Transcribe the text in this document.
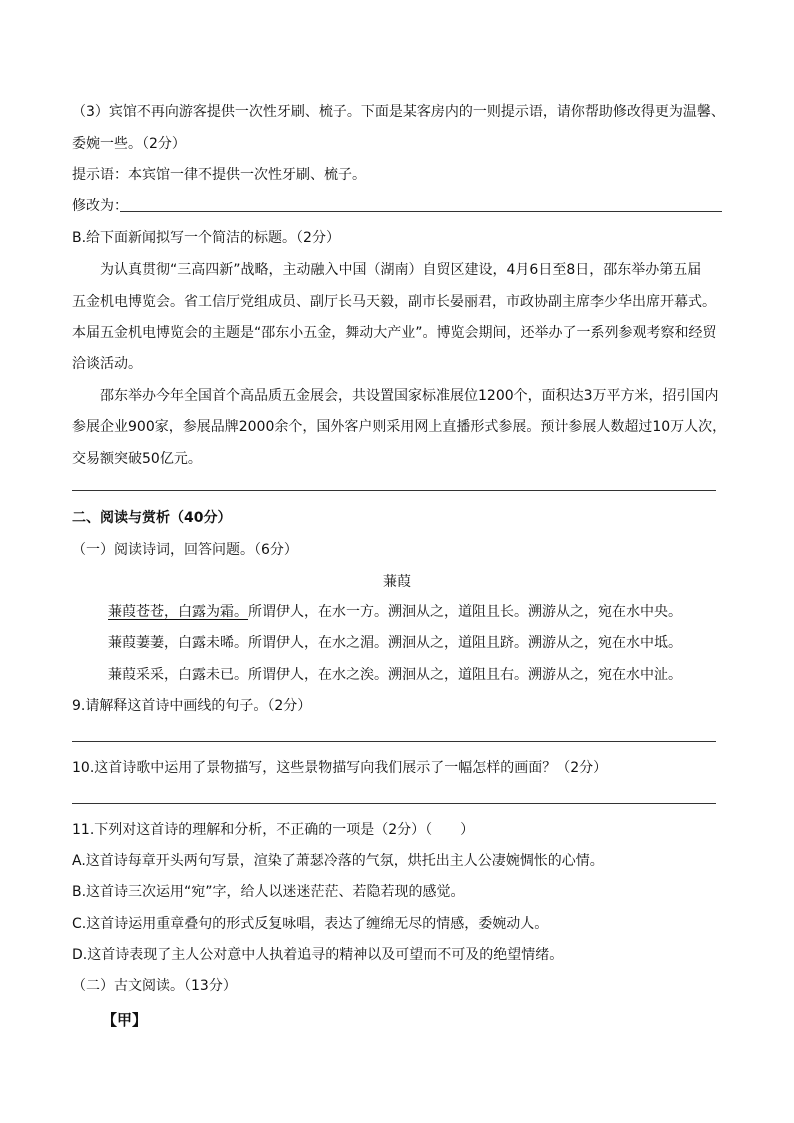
（3）宾馆不再向游客提供一次性牙刷、梳子。下面是某客房内的一则提示语，请你帮助修改得更为温馨、
委婉一些。（2分）
提示语：本宾馆一律不提供一次性牙刷、梳子。
修改为：
B.给下面新闻拟写一个简洁的标题。（2分）
为认真贯彻“三高四新”战略，主动融入中国（湖南）自贸区建设，4月6日至8日，邵东举办第五届
五金机电博览会。省工信厅党组成员、副厅长马天毅，副市长晏丽君，市政协副主席李少华出席开幕式。
本届五金机电博览会的主题是“邵东小五金，舞动大产业”。博览会期间，还举办了一系列参观考察和经贸
洽谈活动。
邵东举办今年全国首个高品质五金展会，共设置国家标准展位1200个，面积达3万平方米，招引国内
参展企业900家，参展品牌2000余个，国外客户则采用网上直播形式参展。预计参展人数超过10万人次，
交易额突破50亿元。
二、阅读与赏析（40分）
（一）阅读诗词，回答问题。（6分）
蒹葭
蒹葭苍苍，白露为霜。所谓伊人，在水一方。溯洄从之，道阻且长。溯游从之，宛在水中央。
蒹葭萋萋，白露未晞。所谓伊人，在水之湄。溯洄从之，道阻且跻。溯游从之，宛在水中坻。
蒹葭采采，白露未已。所谓伊人，在水之涘。溯洄从之，道阻且右。溯游从之，宛在水中沚。
9.请解释这首诗中画线的句子。（2分）
10.这首诗歌中运用了景物描写，这些景物描写向我们展示了一幅怎样的画面？（2分）
11.下列对这首诗的理解和分析，不正确的一项是（2分）（　　）
A.这首诗每章开头两句写景，渲染了萧瑟冷落的气氛，烘托出主人公凄婉惆怅的心情。
B.这首诗三次运用“宛”字，给人以迷迷茫茫、若隐若现的感觉。
C.这首诗运用重章叠句的形式反复咏唱，表达了缠绵无尽的情感，委婉动人。
D.这首诗表现了主人公对意中人执着追寻的精神以及可望而不可及的绝望情绪。
（二）古文阅读。（13分）
【甲】
